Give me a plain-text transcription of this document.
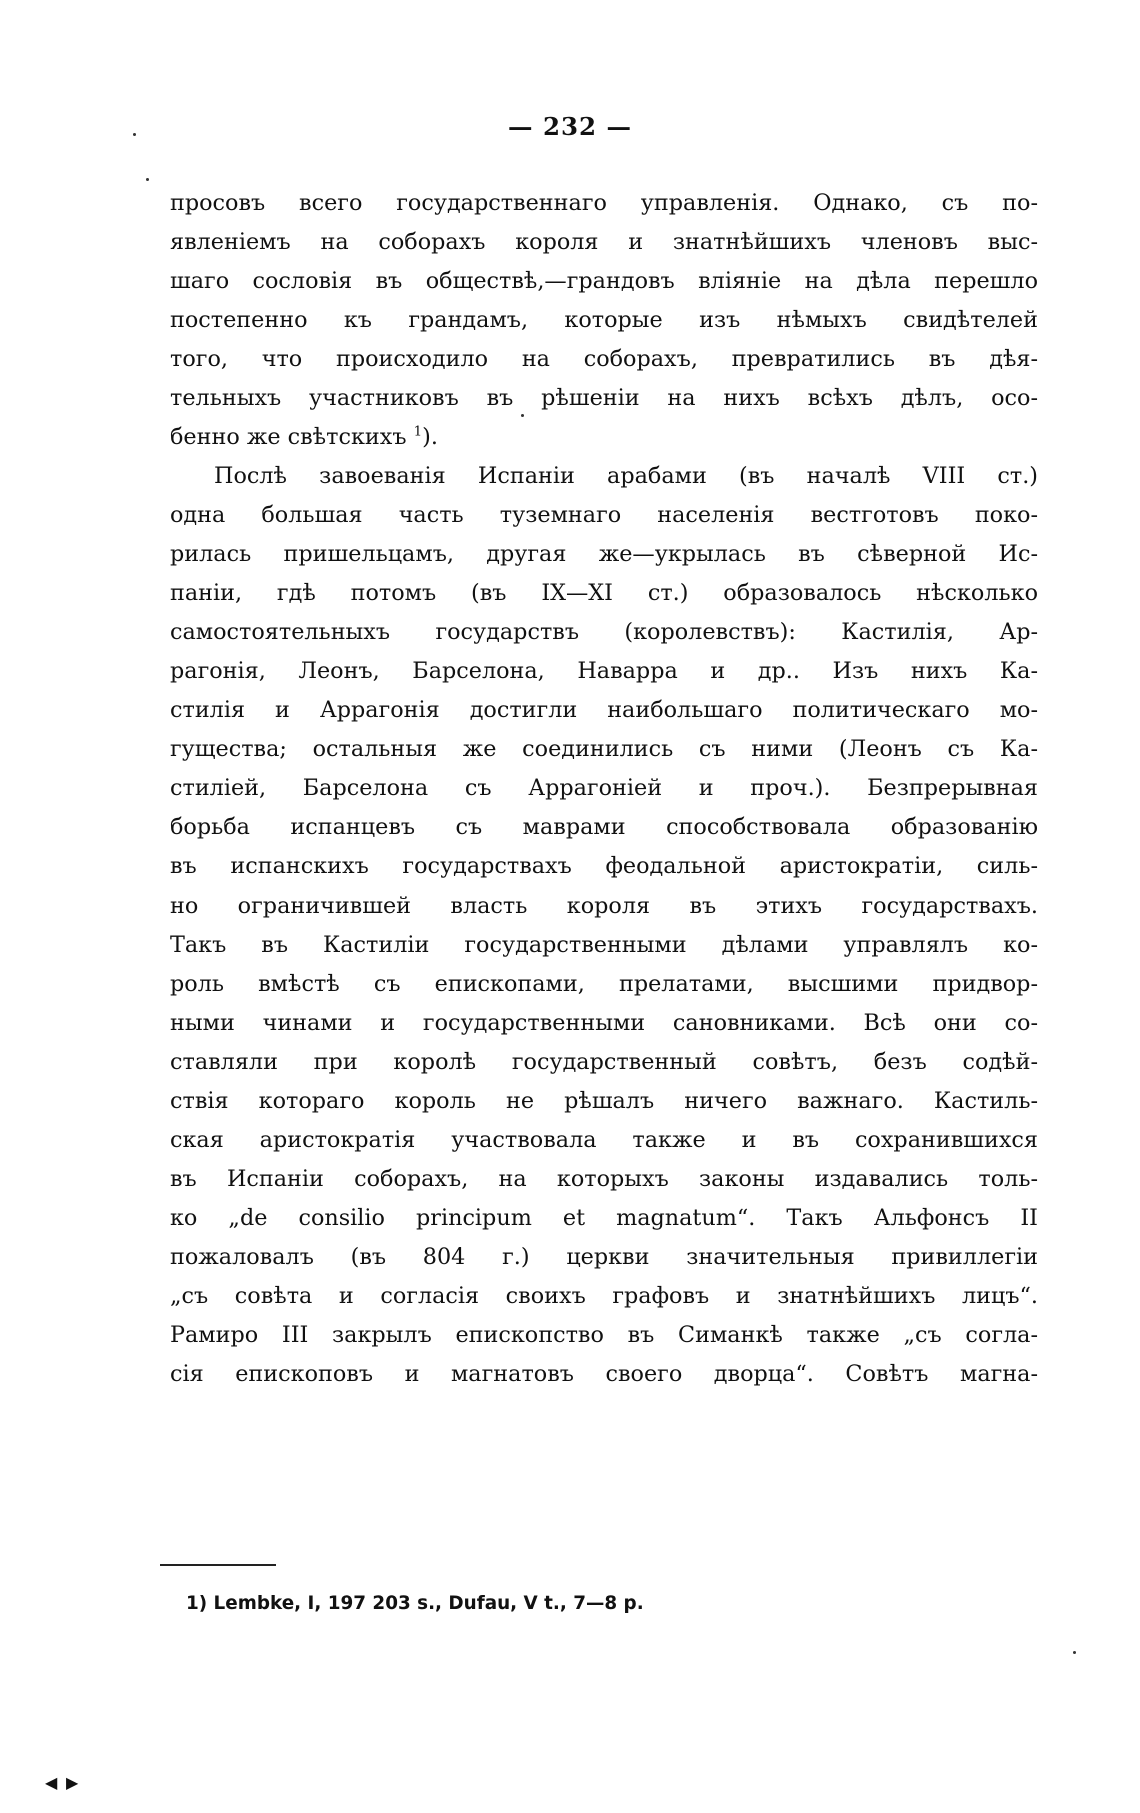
— 232 —
просовъ всего государственнаго управленія. Однако, съ по-
явленіемъ на соборахъ короля и знатнѣйшихъ членовъ выс-
шаго сословія въ обществѣ,—грандовъ вліяніе на дѣла перешло
постепенно къ грандамъ, которые изъ нѣмыхъ свидѣтелей
того, что происходило на соборахъ, превратились въ дѣя-
тельныхъ участниковъ въ рѣшеніи на нихъ всѣхъ дѣлъ, осо-
бенно же свѣтскихъ $^1$).
Послѣ завоеванія Испаніи арабами (въ началѣ VIII ст.)
одна большая часть туземнаго населенія вестготовъ поко-
рилась пришельцамъ, другая же—укрылась въ сѣверной Ис-
паніи, гдѣ потомъ (въ IX—XI ст.) образовалось нѣсколько
самостоятельныхъ государствъ (королевствъ): Кастилія, Ар-
рагонія, Леонъ, Барселона, Наварра и др.. Изъ нихъ Ка-
стилія и Аррагонія достигли наибольшаго политическаго мо-
гущества; остальныя же соединились съ ними (Леонъ съ Ка-
стиліей, Барселона съ Аррагоніей и проч.). Безпрерывная
борьба испанцевъ съ маврами способствовала образованію
въ испанскихъ государствахъ феодальной аристократіи, силь-
но ограничившей власть короля въ этихъ государствахъ.
Такъ въ Кастиліи государственными дѣлами управлялъ ко-
роль вмѣстѣ съ епископами, прелатами, высшими придвор-
ными чинами и государственными сановниками. Всѣ они со-
ставляли при королѣ государственный совѣтъ, безъ содѣй-
ствія котораго король не рѣшалъ ничего важнаго. Кастиль-
ская аристократія участвовала также и въ сохранившихся
въ Испаніи соборахъ, на которыхъ законы издавались толь-
ко „de consilio principum et magnatum“. Такъ Альфонсъ II
пожаловалъ (въ 804 г.) церкви значительныя привиллегіи
„съ совѣта и согласія своихъ графовъ и знатнѣйшихъ лицъ“.
Рамиро III закрылъ епископство въ Симанкѣ также „съ согла-
сія епископовъ и магнатовъ своего дворца“. Совѣтъ магна-
1) Lembke, I, 197 203 s., Dufau, V t., 7—8 p.
◀ ▶
